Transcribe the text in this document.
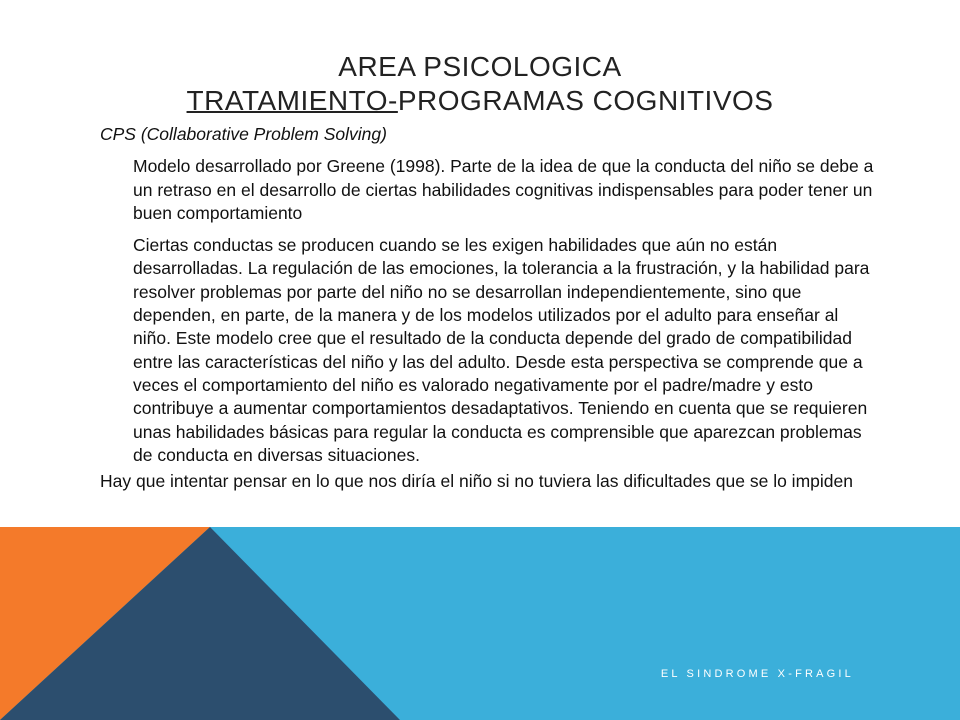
AREA PSICOLOGICA
TRATAMIENTO-PROGRAMAS COGNITIVOS

CPS (Collaborative Problem Solving)

Modelo desarrollado por Greene (1998). Parte de la idea de que la conducta del niño se debe a un retraso en el desarrollo de ciertas habilidades cognitivas indispensables para poder tener un buen comportamiento

Ciertas conductas se producen cuando se les exigen habilidades que aún no están desarrolladas. La regulación de las emociones, la tolerancia a la frustración, y la habilidad para resolver problemas por parte del niño no se desarrollan independientemente, sino que dependen, en parte, de la manera y de los modelos utilizados por el adulto para enseñar al niño. Este modelo cree que el resultado de la conducta depende del grado de compatibilidad entre las características del niño y las del adulto. Desde esta perspectiva se comprende que a veces el comportamiento del niño es valorado negativamente por el padre/madre y esto contribuye a aumentar comportamientos desadaptativos. Teniendo en cuenta que se requieren unas habilidades básicas para regular la conducta es comprensible que aparezcan problemas de conducta en diversas situaciones.

Hay que intentar pensar en lo que nos diría el niño si no tuviera las dificultades que se lo impiden

EL SINDROME X-FRAGIL
